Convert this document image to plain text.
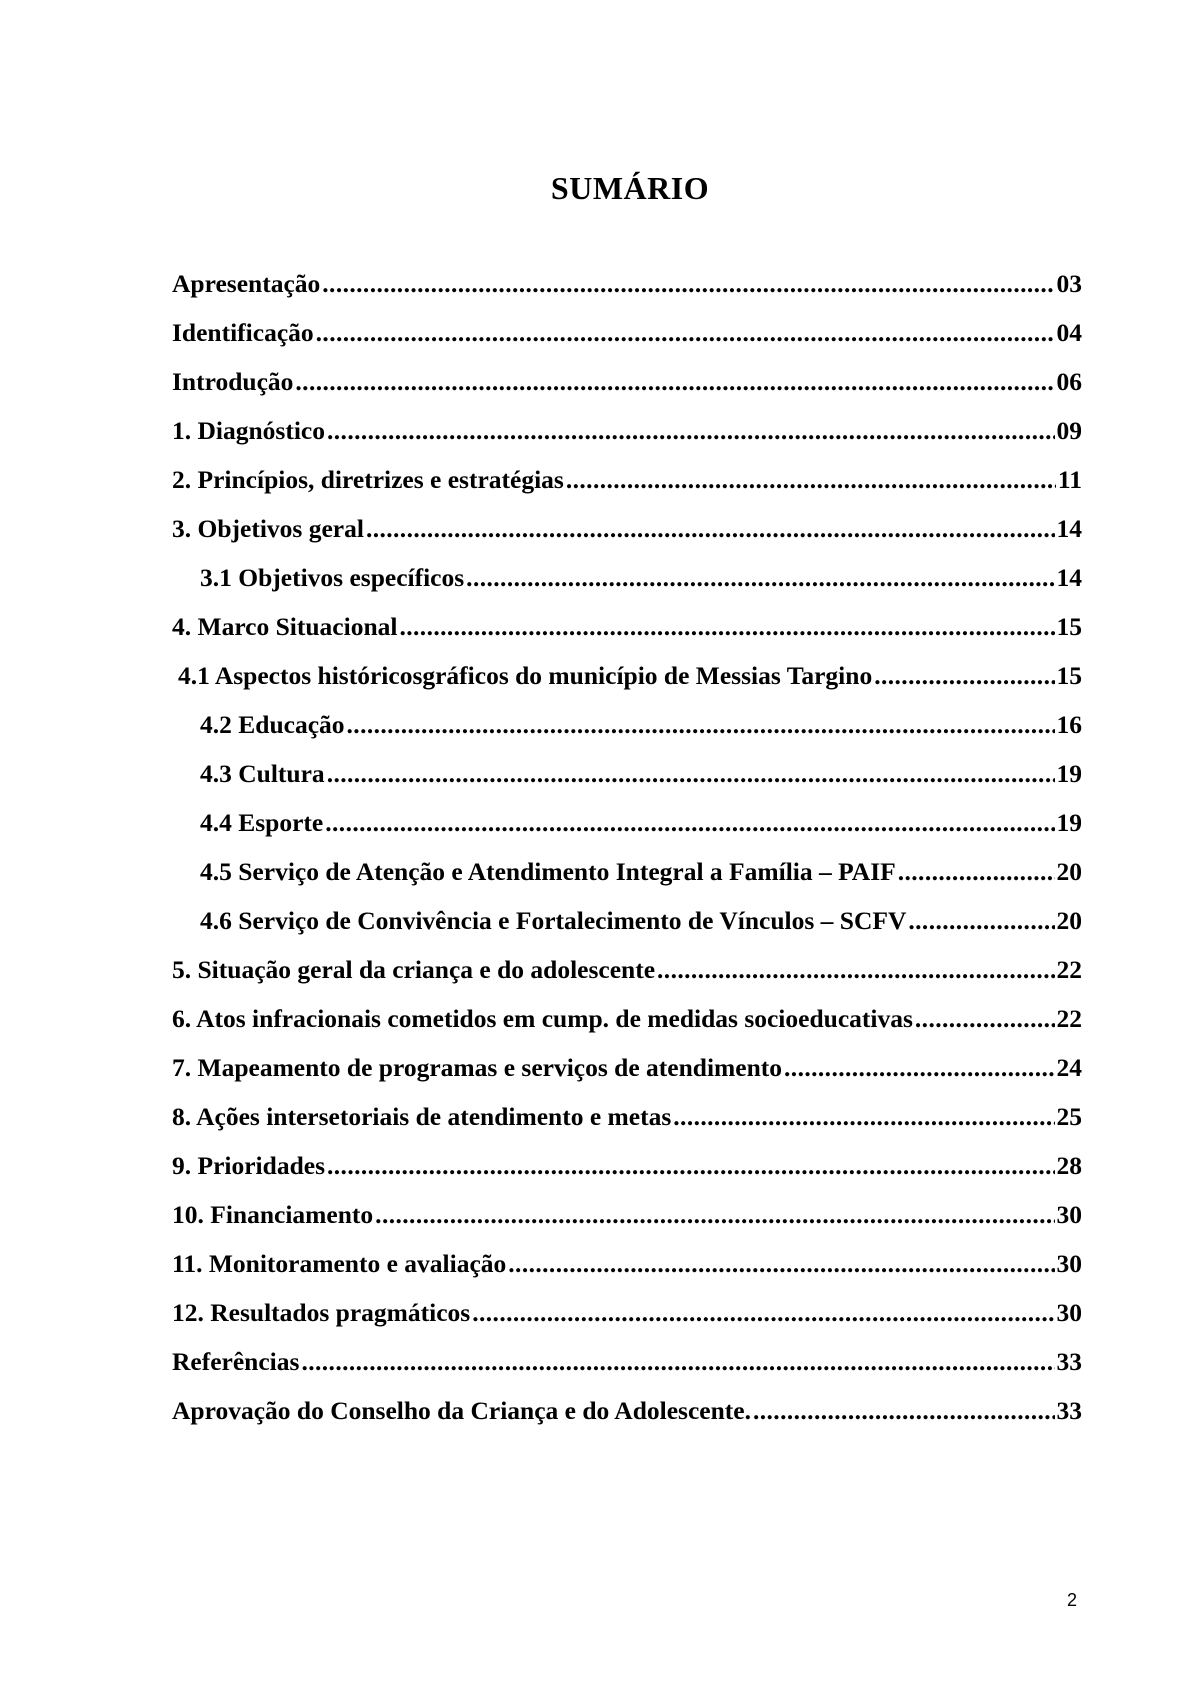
SUMÁRIO
Apresentação .....	03
Identificação .....	04
Introdução .....	06
1. Diagnóstico .....	09
2. Princípios, diretrizes e estratégias .....	11
3. Objetivos geral .....	14
3.1 Objetivos específicos .....	14
4. Marco Situacional .....	15
4.1 Aspectos históricosgráficos do município de Messias Targino .....	15
4.2 Educação .....	16
4.3 Cultura .....	19
4.4 Esporte .....	19
4.5 Serviço de Atenção e Atendimento Integral a Família – PAIF .....	20
4.6 Serviço de Convivência e Fortalecimento de Vínculos – SCFV .....	20
5. Situação geral da criança e do adolescente .....	22
6. Atos infracionais cometidos em cump. de medidas socioeducativas .....	22
7. Mapeamento de programas e serviços de atendimento .....	24
8. Ações intersetoriais de atendimento e metas .....	25
9. Prioridades .....	28
10. Financiamento .....	30
11. Monitoramento e avaliação .....	30
12. Resultados pragmáticos .....	30
Referências .....	33
Aprovação do Conselho da Criança e do Adolescente. .....	33
2
